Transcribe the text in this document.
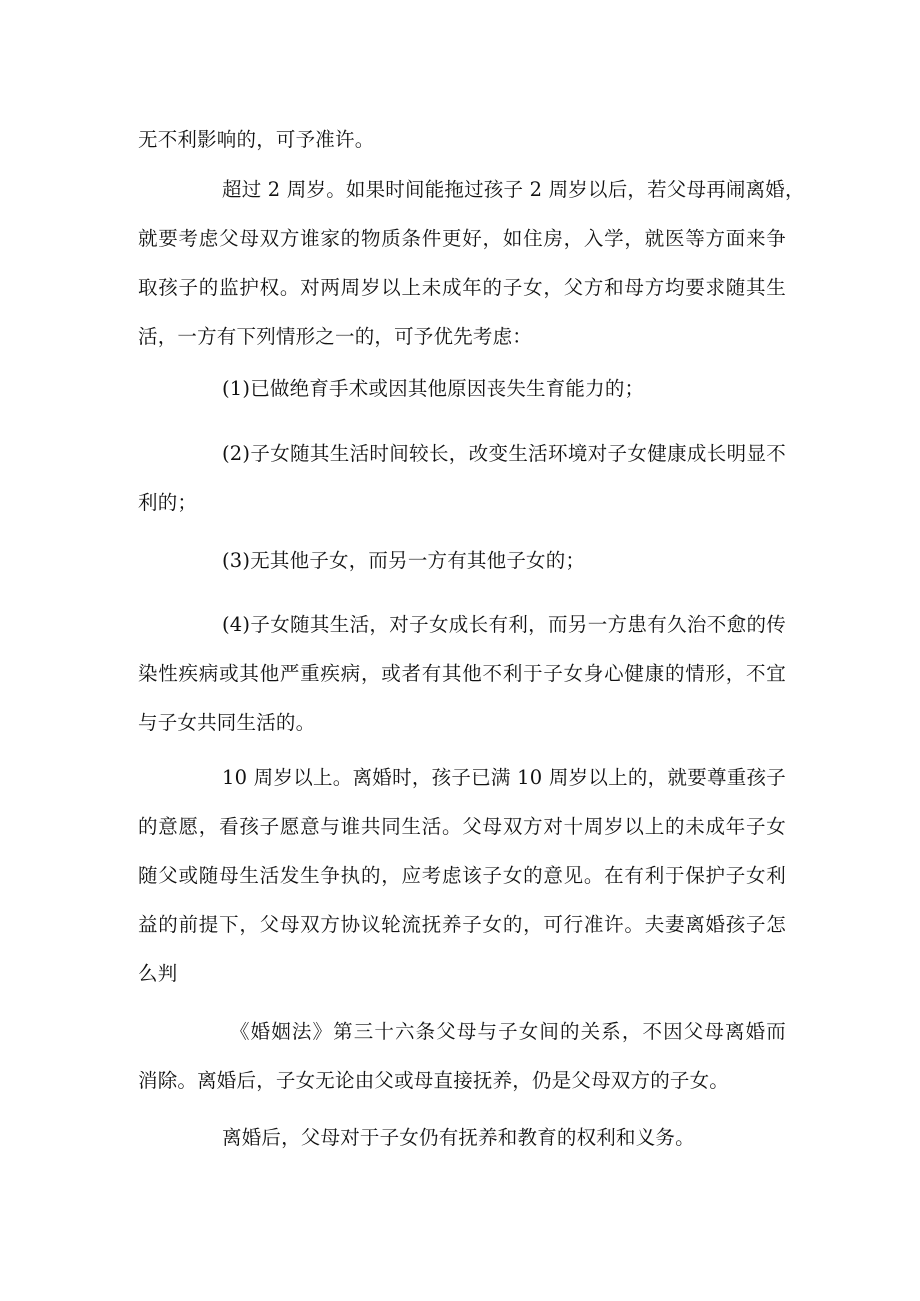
无不利影响的，可予准许。
超过 2 周岁。如果时间能拖过孩子 2 周岁以后，若父母再闹离婚，
就要考虑父母双方谁家的物质条件更好，如住房，入学，就医等方面来争
取孩子的监护权。对两周岁以上未成年的子女，父方和母方均要求随其生
活，一方有下列情形之一的，可予优先考虑：
(1)已做绝育手术或因其他原因丧失生育能力的；
(2)子女随其生活时间较长，改变生活环境对子女健康成长明显不
利的；
(3)无其他子女，而另一方有其他子女的；
(4)子女随其生活，对子女成长有利，而另一方患有久治不愈的传
染性疾病或其他严重疾病，或者有其他不利于子女身心健康的情形，不宜
与子女共同生活的。
10 周岁以上。离婚时，孩子已满 10 周岁以上的，就要尊重孩子
的意愿，看孩子愿意与谁共同生活。父母双方对十周岁以上的未成年子女
随父或随母生活发生争执的，应考虑该子女的意见。在有利于保护子女利
益的前提下，父母双方协议轮流抚养子女的，可行准许。夫妻离婚孩子怎
么判
《婚姻法》第三十六条父母与子女间的关系，不因父母离婚而
消除。离婚后，子女无论由父或母直接抚养，仍是父母双方的子女。
离婚后，父母对于子女仍有抚养和教育的权利和义务。
